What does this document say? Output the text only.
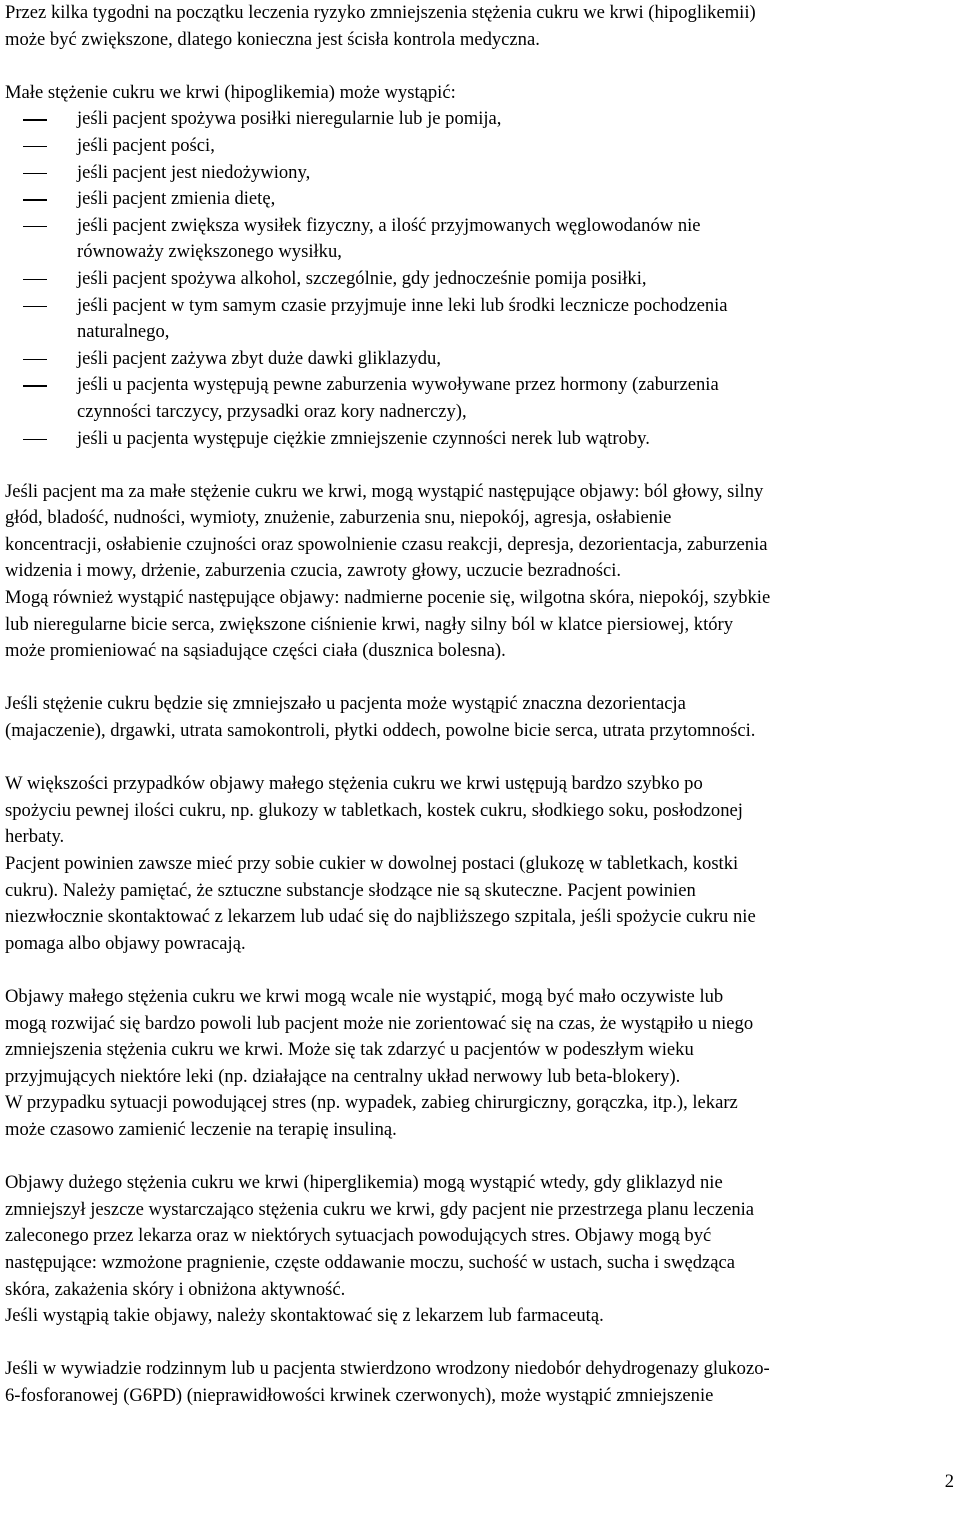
Przez kilka tygodni na początku leczenia ryzyko zmniejszenia stężenia cukru we krwi (hipoglikemii)
może być zwiększone, dlatego konieczna jest ścisła kontrola medyczna.
Małe stężenie cukru we krwi (hipoglikemia) może wystąpić:
jeśli pacjent spożywa posiłki nieregularnie lub je pomija,
jeśli pacjent pości,
jeśli pacjent jest niedożywiony,
jeśli pacjent zmienia dietę,
jeśli pacjent zwiększa wysiłek fizyczny, a ilość przyjmowanych węglowodanów nie
równoważy zwiększonego wysiłku,
jeśli pacjent spożywa alkohol, szczególnie, gdy jednocześnie pomija posiłki,
jeśli pacjent w tym samym czasie przyjmuje inne leki lub środki lecznicze pochodzenia
naturalnego,
jeśli pacjent zażywa zbyt duże dawki gliklazydu,
jeśli u pacjenta występują pewne zaburzenia wywoływane przez hormony (zaburzenia
czynności tarczycy, przysadki oraz kory nadnerczy),
jeśli u pacjenta występuje ciężkie zmniejszenie czynności nerek lub wątroby.
Jeśli pacjent ma za małe stężenie cukru we krwi, mogą wystąpić następujące objawy: ból głowy, silny
głód, bladość, nudności, wymioty, znużenie, zaburzenia snu, niepokój, agresja, osłabienie
koncentracji, osłabienie czujności oraz spowolnienie czasu reakcji, depresja, dezorientacja, zaburzenia
widzenia i mowy, drżenie, zaburzenia czucia, zawroty głowy, uczucie bezradności.
Mogą również wystąpić następujące objawy: nadmierne pocenie się, wilgotna skóra, niepokój, szybkie
lub nieregularne bicie serca, zwiększone ciśnienie krwi, nagły silny ból w klatce piersiowej, który
może promieniować na sąsiadujące części ciała (dusznica bolesna).
Jeśli stężenie cukru będzie się zmniejszało u pacjenta może wystąpić znaczna dezorientacja
(majaczenie), drgawki, utrata samokontroli, płytki oddech, powolne bicie serca, utrata przytomności.
W większości przypadków objawy małego stężenia cukru we krwi ustępują bardzo szybko po
spożyciu pewnej ilości cukru, np. glukozy w tabletkach, kostek cukru, słodkiego soku, posłodzonej
herbaty.
Pacjent powinien zawsze mieć przy sobie cukier w dowolnej postaci (glukozę w tabletkach, kostki
cukru). Należy pamiętać, że sztuczne substancje słodzące nie są skuteczne. Pacjent powinien
niezwłocznie skontaktować z lekarzem lub udać się do najbliższego szpitala, jeśli spożycie cukru nie
pomaga albo objawy powracają.
Objawy małego stężenia cukru we krwi mogą wcale nie wystąpić, mogą być mało oczywiste lub
mogą rozwijać się bardzo powoli lub pacjent może nie zorientować się na czas, że wystąpiło u niego
zmniejszenia stężenia cukru we krwi. Może się tak zdarzyć u pacjentów w podeszłym wieku
przyjmujących niektóre leki (np. działające na centralny układ nerwowy lub beta-blokery).
W przypadku sytuacji powodującej stres (np. wypadek, zabieg chirurgiczny, gorączka, itp.), lekarz
może czasowo zamienić leczenie na terapię insuliną.
Objawy dużego stężenia cukru we krwi (hiperglikemia) mogą wystąpić wtedy, gdy gliklazyd nie
zmniejszył jeszcze wystarczająco stężenia cukru we krwi, gdy pacjent nie przestrzega planu leczenia
zaleconego przez lekarza oraz w niektórych sytuacjach powodujących stres. Objawy mogą być
następujące: wzmożone pragnienie, częste oddawanie moczu, suchość w ustach, sucha i swędząca
skóra, zakażenia skóry i obniżona aktywność.
Jeśli wystąpią takie objawy, należy skontaktować się z lekarzem lub farmaceutą.
Jeśli w wywiadzie rodzinnym lub u pacjenta stwierdzono wrodzony niedobór dehydrogenazy glukozo-
6-fosforanowej (G6PD) (nieprawidłowości krwinek czerwonych), może wystąpić zmniejszenie
2
